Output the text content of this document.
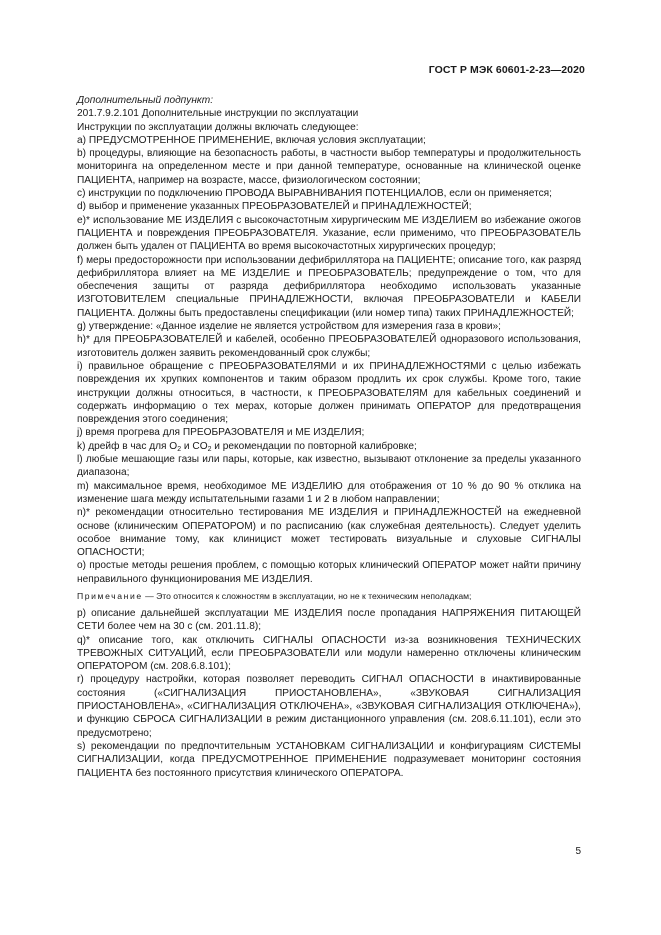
ГОСТ Р МЭК 60601-2-23—2020

Дополнительный подпункт:

201.7.9.2.101 Дополнительные инструкции по эксплуатации

Инструкции по эксплуатации должны включать следующее:

a) ПРЕДУСМОТРЕННОЕ ПРИМЕНЕНИЕ, включая условия эксплуатации;

b) процедуры, влияющие на безопасность работы, в частности выбор температуры и продолжительность мониторинга на определенном месте и при данной температуре, основанные на клинической оценке ПАЦИЕНТА, например на возрасте, массе, физиологическом состоянии;

c) инструкции по подключению ПРОВОДА ВЫРАВНИВАНИЯ ПОТЕНЦИАЛОВ, если он применяется;

d) выбор и применение указанных ПРЕОБРАЗОВАТЕЛЕЙ и ПРИНАДЛЕЖНОСТЕЙ;

e)* использование МЕ ИЗДЕЛИЯ с высокочастотным хирургическим МЕ ИЗДЕЛИЕМ во избежание ожогов ПАЦИЕНТА и повреждения ПРЕОБРАЗОВАТЕЛЯ. Указание, если применимо, что ПРЕОБРАЗОВАТЕЛЬ должен быть удален от ПАЦИЕНТА во время высокочастотных хирургических процедур;

f) меры предосторожности при использовании дефибриллятора на ПАЦИЕНТЕ; описание того, как разряд дефибриллятора влияет на МЕ ИЗДЕЛИЕ и ПРЕОБРАЗОВАТЕЛЬ; предупреждение о том, что для обеспечения защиты от разряда дефибриллятора необходимо использовать указанные ИЗГОТОВИТЕЛЕМ специальные ПРИНАДЛЕЖНОСТИ, включая ПРЕОБРАЗОВАТЕЛИ и КАБЕЛИ ПАЦИЕНТА. Должны быть предоставлены спецификации (или номер типа) таких ПРИНАДЛЕЖНОСТЕЙ;

g) утверждение: «Данное изделие не является устройством для измерения газа в крови»;

h)* для ПРЕОБРАЗОВАТЕЛЕЙ и кабелей, особенно ПРЕОБРАЗОВАТЕЛЕЙ одноразового использования, изготовитель должен заявить рекомендованный срок службы;

i) правильное обращение с ПРЕОБРАЗОВАТЕЛЯМИ и их ПРИНАДЛЕЖНОСТЯМИ с целью избежать повреждения их хрупких компонентов и таким образом продлить их срок службы. Кроме того, такие инструкции должны относиться, в частности, к ПРЕОБРАЗОВАТЕЛЯМ для кабельных соединений и содержать информацию о тех мерах, которые должен принимать ОПЕРАТОР для предотвращения повреждения этого соединения;

j) время прогрева для ПРЕОБРАЗОВАТЕЛЯ и МЕ ИЗДЕЛИЯ;

k) дрейф в час для $O_2$ и $CO_2$ и рекомендации по повторной калибровке;

l) любые мешающие газы или пары, которые, как известно, вызывают отклонение за пределы указанного диапазона;

m) максимальное время, необходимое МЕ ИЗДЕЛИЮ для отображения от 10 % до 90 % отклика на изменение шага между испытательными газами 1 и 2 в любом направлении;

n)* рекомендации относительно тестирования МЕ ИЗДЕЛИЯ и ПРИНАДЛЕЖНОСТЕЙ на ежедневной основе (клиническим ОПЕРАТОРОМ) и по расписанию (как служебная деятельность). Следует уделить особое внимание тому, как клиницист может тестировать визуальные и слуховые СИГНАЛЫ ОПАСНОСТИ;

o) простые методы решения проблем, с помощью которых клинический ОПЕРАТОР может найти причину неправильного функционирования МЕ ИЗДЕЛИЯ.

Примечание — Это относится к сложностям в эксплуатации, но не к техническим неполадкам;

p) описание дальнейшей эксплуатации МЕ ИЗДЕЛИЯ после пропадания НАПРЯЖЕНИЯ ПИТАЮЩЕЙ СЕТИ более чем на 30 с (см. 201.11.8);

q)* описание того, как отключить СИГНАЛЫ ОПАСНОСТИ из-за возникновения ТЕХНИЧЕСКИХ ТРЕВОЖНЫХ СИТУАЦИЙ, если ПРЕОБРАЗОВАТЕЛИ или модули намеренно отключены клиническим ОПЕРАТОРОМ (см. 208.6.8.101);

r) процедуру настройки, которая позволяет переводить СИГНАЛ ОПАСНОСТИ в инактивированные состояния («СИГНАЛИЗАЦИЯ ПРИОСТАНОВЛЕНА», «ЗВУКОВАЯ СИГНАЛИЗАЦИЯ ПРИОСТАНОВЛЕНА», «СИГНАЛИЗАЦИЯ ОТКЛЮЧЕНА», «ЗВУКОВАЯ СИГНАЛИЗАЦИЯ ОТКЛЮЧЕНА»), и функцию СБРОСА СИГНАЛИЗАЦИИ в режим дистанционного управления (см. 208.6.11.101), если это предусмотрено;

s) рекомендации по предпочтительным УСТАНОВКАМ СИГНАЛИЗАЦИИ и конфигурациям СИСТЕМЫ СИГНАЛИЗАЦИИ, когда ПРЕДУСМОТРЕННОЕ ПРИМЕНЕНИЕ подразумевает мониторинг состояния ПАЦИЕНТА без постоянного присутствия клинического ОПЕРАТОРА.

5
